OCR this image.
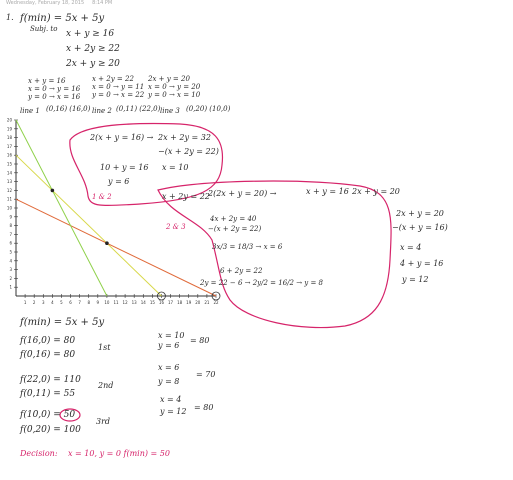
Wednesday, February 18, 2015 8:14 PM
1. f(min) = 5x + 5y
Subj. to x + y ≥ 16
x + 2y ≥ 22
2x + y ≥ 20
x + y = 16
x = 0 → y = 16
y = 0 → x = 16
x + 2y = 22
x = 0 → y = 11
y = 0 → x = 22
2x + y = 20
x = 0 → y = 20
y = 0 → x = 10
line 1 (0,16) (16,0) line 2 (0,11) (22,0) line 3 (0,20) (10,0)
1 2 3 4 5 6 7 8 9 10 11 12 13 14 15 16 17 18 19 20 21 22
1
2
3
4
5
6
7
8
9
10
11
12
13
14
15
16
17
18
19
20
2(x + y = 16) → 2x + 2y = 32
−(x + 2y = 22)
10 + y = 16 x = 10
y = 6
1 & 2	x + 2y = 22
2(2x + y = 20) →
2 & 3
4x + 2y = 40
−(x + 2y = 22)
3x/3 = 18/3 → x = 6
6 + 2y = 22
2y = 22 − 6 → 2y/2 = 16/2 → y = 8
x + y = 16 2x + y = 20
2x + y = 20
−(x + y = 16)
x = 4
4 + y = 16
y = 12
f(min) = 5x + 5y
f(16,0) = 80
f(0,16) = 80
1st
f(22,0) = 110
f(0,11) = 55
2nd
f(10,0) = 50
f(0,20) = 100
3rd
x = 10
y = 6
= 80
x = 6
y = 8
= 70
x = 4
y = 12 = 80
Decision: x = 10, y = 0 f(min) = 50
